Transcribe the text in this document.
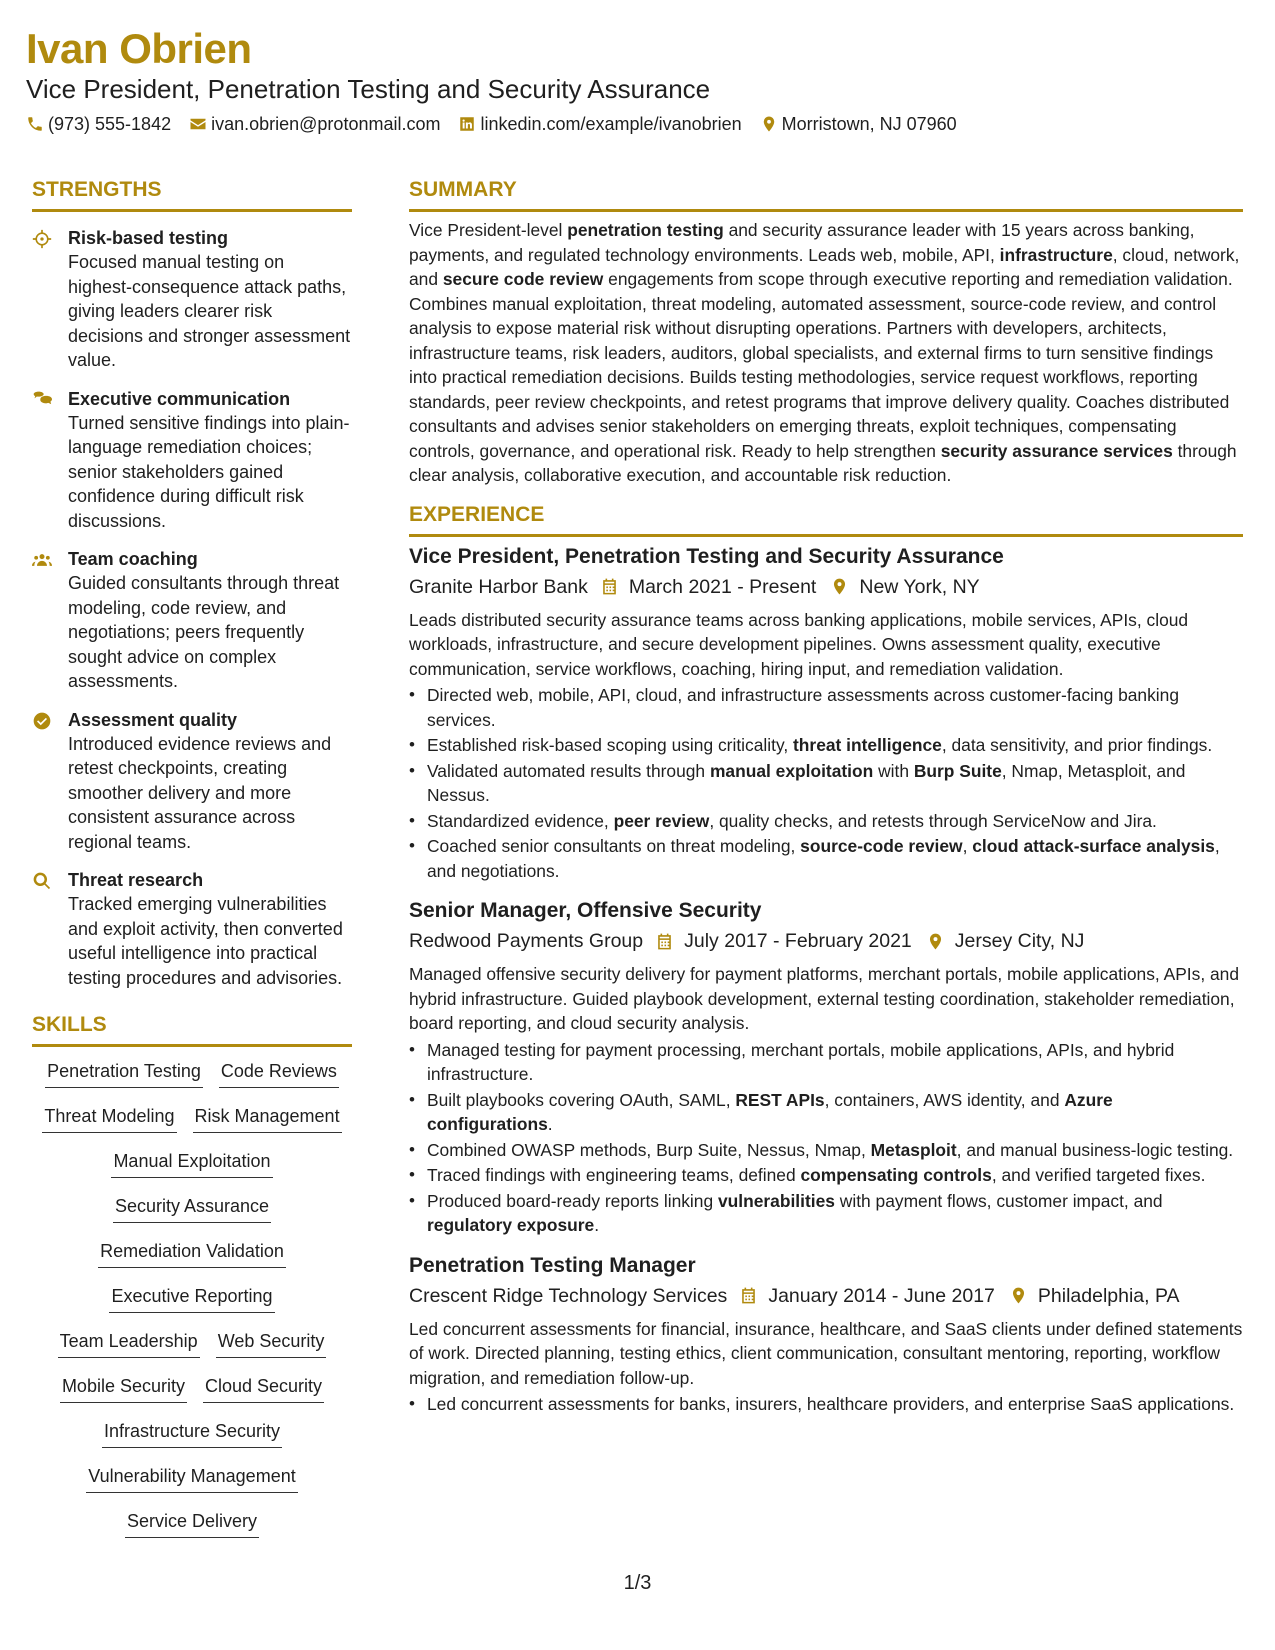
Ivan Obrien
Vice President, Penetration Testing and Security Assurance
(973) 555-1842 ivan.obrien@protonmail.com linkedin.com/example/ivanobrien Morristown, NJ 07960
STRENGTHS
Risk-based testing
Focused manual testing on highest-consequence attack paths, giving leaders clearer risk decisions and stronger assessment value.
Executive communication
Turned sensitive findings into plain-language remediation choices; senior stakeholders gained confidence during difficult risk discussions.
Team coaching
Guided consultants through threat modeling, code review, and negotiations; peers frequently sought advice on complex assessments.
Assessment quality
Introduced evidence reviews and retest checkpoints, creating smoother delivery and more consistent assurance across regional teams.
Threat research
Tracked emerging vulnerabilities and exploit activity, then converted useful intelligence into practical testing procedures and advisories.
SKILLS
Penetration Testing Code Reviews
Threat Modeling Risk Management
Manual Exploitation
Security Assurance
Remediation Validation
Executive Reporting
Team Leadership Web Security
Mobile Security Cloud Security
Infrastructure Security
Vulnerability Management
Service Delivery
SUMMARY
Vice President-level penetration testing and security assurance leader with 15 years across banking, payments, and regulated technology environments. Leads web, mobile, API, infrastructure, cloud, network, and secure code review engagements from scope through executive reporting and remediation validation. Combines manual exploitation, threat modeling, automated assessment, source-code review, and control analysis to expose material risk without disrupting operations. Partners with developers, architects, infrastructure teams, risk leaders, auditors, global specialists, and external firms to turn sensitive findings into practical remediation decisions. Builds testing methodologies, service request workflows, reporting standards, peer review checkpoints, and retest programs that improve delivery quality. Coaches distributed consultants and advises senior stakeholders on emerging threats, exploit techniques, compensating controls, governance, and operational risk. Ready to help strengthen security assurance services through clear analysis, collaborative execution, and accountable risk reduction.
EXPERIENCE
Vice President, Penetration Testing and Security Assurance
Granite Harbor Bank March 2021 - Present New York, NY
Leads distributed security assurance teams across banking applications, mobile services, APIs, cloud workloads, infrastructure, and secure development pipelines. Owns assessment quality, executive communication, service workflows, coaching, hiring input, and remediation validation.
• Directed web, mobile, API, cloud, and infrastructure assessments across customer-facing banking services.
• Established risk-based scoping using criticality, threat intelligence, data sensitivity, and prior findings.
• Validated automated results through manual exploitation with Burp Suite, Nmap, Metasploit, and Nessus.
• Standardized evidence, peer review, quality checks, and retests through ServiceNow and Jira.
• Coached senior consultants on threat modeling, source-code review, cloud attack-surface analysis, and negotiations.
Senior Manager, Offensive Security
Redwood Payments Group July 2017 - February 2021 Jersey City, NJ
Managed offensive security delivery for payment platforms, merchant portals, mobile applications, APIs, and hybrid infrastructure. Guided playbook development, external testing coordination, stakeholder remediation, board reporting, and cloud security analysis.
• Managed testing for payment processing, merchant portals, mobile applications, APIs, and hybrid infrastructure.
• Built playbooks covering OAuth, SAML, REST APIs, containers, AWS identity, and Azure configurations.
• Combined OWASP methods, Burp Suite, Nessus, Nmap, Metasploit, and manual business-logic testing.
• Traced findings with engineering teams, defined compensating controls, and verified targeted fixes.
• Produced board-ready reports linking vulnerabilities with payment flows, customer impact, and regulatory exposure.
Penetration Testing Manager
Crescent Ridge Technology Services January 2014 - June 2017 Philadelphia, PA
Led concurrent assessments for financial, insurance, healthcare, and SaaS clients under defined statements of work. Directed planning, testing ethics, client communication, consultant mentoring, reporting, workflow migration, and remediation follow-up.
• Led concurrent assessments for banks, insurers, healthcare providers, and enterprise SaaS applications.
1/3
